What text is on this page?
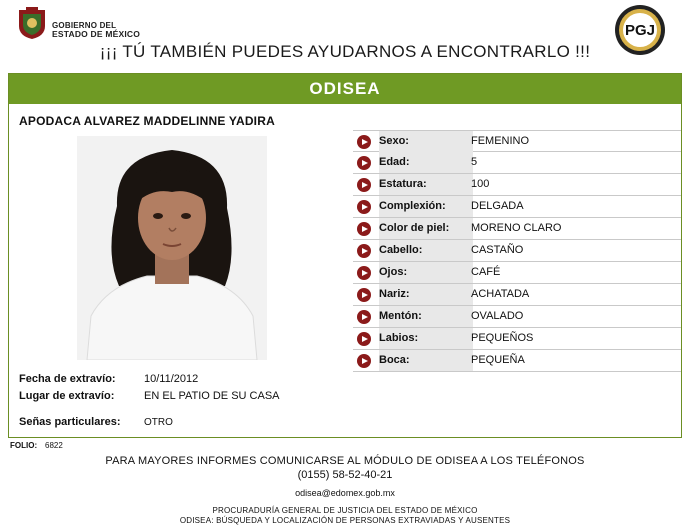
GOBIERNO DEL
ESTADO DE MÉXICO	PGJ
¡¡¡ TÚ TAMBIÉN PUEDES AYUDARNOS A ENCONTRARLO !!!
ODISEA
APODACA ALVAREZ MADDELINNE YADIRA
Sexo:	FEMENINO
Edad:	5
Estatura:	100
Complexión:	DELGADA
Color de piel:	MORENO CLARO
Cabello:	CASTAÑO
Ojos:	CAFÉ
Nariz:	ACHATADA
Mentón:	OVALADO
Labios:	PEQUEÑOS
Boca:	PEQUEÑA
Fecha de extravío:	10/11/2012
Lugar de extravío:	EN EL PATIO DE SU CASA
Señas particulares: OTRO
FOLIO: 6822
PARA MAYORES INFORMES COMUNICARSE AL MÓDULO DE ODISEA A LOS TELÉFONOS
(0155) 58-52-40-21
odisea@edomex.gob.mx
PROCURADURÍA GENERAL DE JUSTICIA DEL ESTADO DE MÉXICO
ODISEA: BÚSQUEDA Y LOCALIZACIÓN DE PERSONAS EXTRAVIADAS Y AUSENTES
